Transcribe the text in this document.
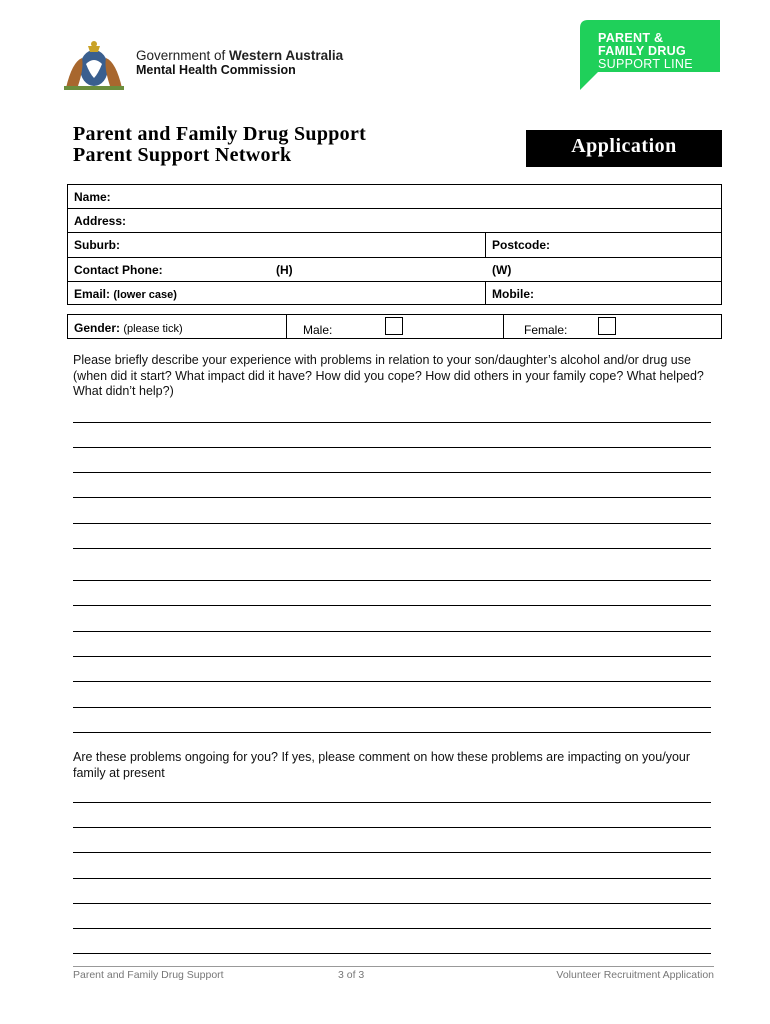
Government of Western Australia
Mental Health Commission
PARENT &
FAMILY DRUG
SUPPORT LINE
Parent and Family Drug Support
Parent Support Network	Application
Name:
Address:
Suburb:	Postcode:
Contact Phone:	(H)	(W)
Email: (lower case)	Mobile:
Gender: (please tick)	Male:	Female:
Please briefly describe your experience with problems in relation to your son/daughter’s alcohol and/or drug use (when did it start? What impact did it have? How did you cope? How did others in your family cope? What helped? What didn’t help?)
Are these problems ongoing for you? If yes, please comment on how these problems are impacting on you/your family at present
Parent and Family Drug Support	3 of 3	Volunteer Recruitment Application
